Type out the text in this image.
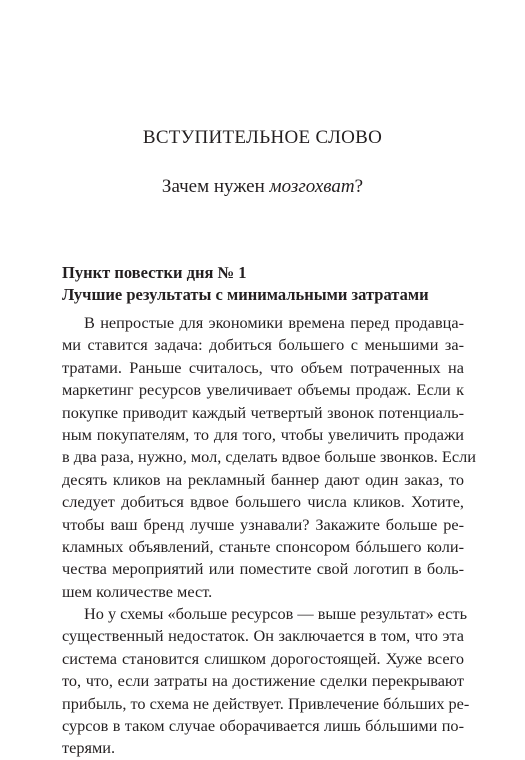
ВСТУПИТЕЛЬНОЕ СЛОВО
Зачем нужен мозгохват?
Пункт повестки дня № 1
Лучшие результаты с минимальными затратами
В непростые для экономики времена перед продавца-
ми ставится задача: добиться большего с меньшими за-
тратами. Раньше считалось, что объем потраченных на
маркетинг ресурсов увеличивает объемы продаж. Если к
покупке приводит каждый четвертый звонок потенциаль-
ным покупателям, то для того, чтобы увеличить продажи
в два раза, нужно, мол, сделать вдвое больше звонков. Если
десять кликов на рекламный баннер дают один заказ, то
следует добиться вдвое большего числа кликов. Хотите,
чтобы ваш бренд лучше узнавали? Закажите больше ре-
кламных объявлений, станьте спонсором бóльшего коли-
чества мероприятий или поместите свой логотип в боль-
шем количестве мест.
Но у схемы «больше ресурсов — выше результат» есть
существенный недостаток. Он заключается в том, что эта
система становится слишком дорогостоящей. Хуже всего
то, что, если затраты на достижение сделки перекрывают
прибыль, то схема не действует. Привлечение бóльших ре-
сурсов в таком случае оборачивается лишь бóльшими по-
терями.
